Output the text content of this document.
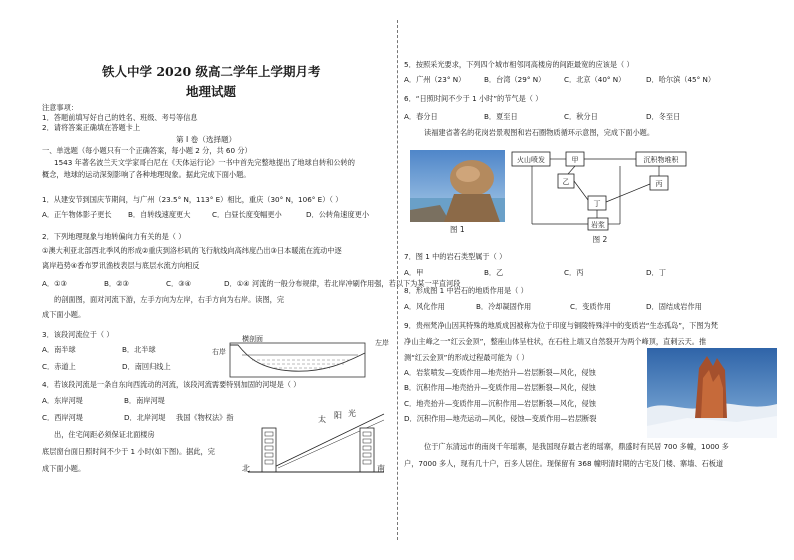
铁人中学 2020 级高二学年上学期月考
地理试题
注意事项：
1．答题前填写好自己的姓名、班级、考号等信息
2．请将答案正确填在答题卡上
第 I 卷（选择题）
一、单选题（每小题只有一个正确答案，每小题 2 分，共 60 分）
1543 年著名波兰天文学家哥白尼在《天体运行论》一书中首先完整地提出了地球自转和公转的
概念，地球的运动深刻影响了各种地理现象。据此完成下面小题。
1．从建安节到国庆节期间，与广州（23.5° N，113° E）相比，重庆（30° N，106° E）（ ）
A．正午物体影子更长 B．自转线速度更大	C．白昼长度变幅更小	D．公转角速度更小
2．下列地理现象与地转偏向力有关的是（ ）
①澳大利亚北部西北季风的形成②重庆到洛杉矶的飞行航线向高纬度凸出③日本暖流在流动中逐
离岸趋势④香布罗讯渔枝表层与底层水流方向相反
A．①③	B．②③	C．③④	D．①④ 河流的一般分布规律，若北岸冲刷作用强，若以下为某一平直河段
的剖面图，面对河流下游，左手方向为左岸，右手方向为右岸。读图，完
成下面小题。
3．该段河流位于（ ）
A．南半球	B．北半球
C．赤道上	D．南回归线上
横剖面
右岸
左岸
4．若该段河流是一条自东向西流动的河流，该段河流需要特别加固的河堤是（ ）
A．东岸河堤	B．南岸河堤
C．西岸河堤	D．北岸河堤 我国《物权法》指
出，住宅间距必须保证北面楼房
底层窗台面日照时间不少于 1 小时(如下图)。据此，完
成下面小题。
太 阳 光
北	南
5．按照采光要求，下列四个城市相邻同高楼房的间距最宽的应该是（ ）
A．广州（23° N）	B．台湾（29° N）	C．北京（40° N）	D．哈尔滨（45° N）
6．“日照时间不少于 1 小时”的节气是（ ）
A．春分日	B．夏至日	C．秋分日	D．冬至日
读福建省著名的花岗岩景观图和岩石圈物质循环示意图，完成下面小题。
图 1
火山喷发	甲	沉积物堆积
乙	丙
丁
岩浆
图 2
7．图 1 中的岩石类型属于（ ）
A．甲	B．乙	C．丙	D．丁
8．形成图 1 中岩石的地质作用是（ ）
A．风化作用	B．冷却凝固作用	C．变质作用	D．固结成岩作用
9．贵州梵净山因其特殊的地质成因被称为位于印度与铜陵特殊洋中的变质岩“生态孤岛”，下图为梵
净山主峰之一“红云金顶”，整座山体呈柱状，在石柱上端又自然裂开为两个峰顶，直刺云天。推
测“红云金顶”的形成过程最可能为（ ）
A．岩浆喷发—变质作用—地壳抬升—岩层断裂—风化，侵蚀
B．沉积作用—地壳抬升—变质作用—岩层断裂—风化，侵蚀
C．地壳抬升—变质作用—沉积作用—岩层断裂—风化，侵蚀
D．沉积作用—地壳运动—风化，侵蚀—变质作用—岩层断裂
位于广东清远市的南岗千年瑶寨，是我国现存最古老的瑶寨，鼎盛时有民居 700 多幢，1000 多
户，7000 多人，现有几十户，百多人居住。现保留有 368 幢明清时期的古宅及门楼、寨墙、石板道
